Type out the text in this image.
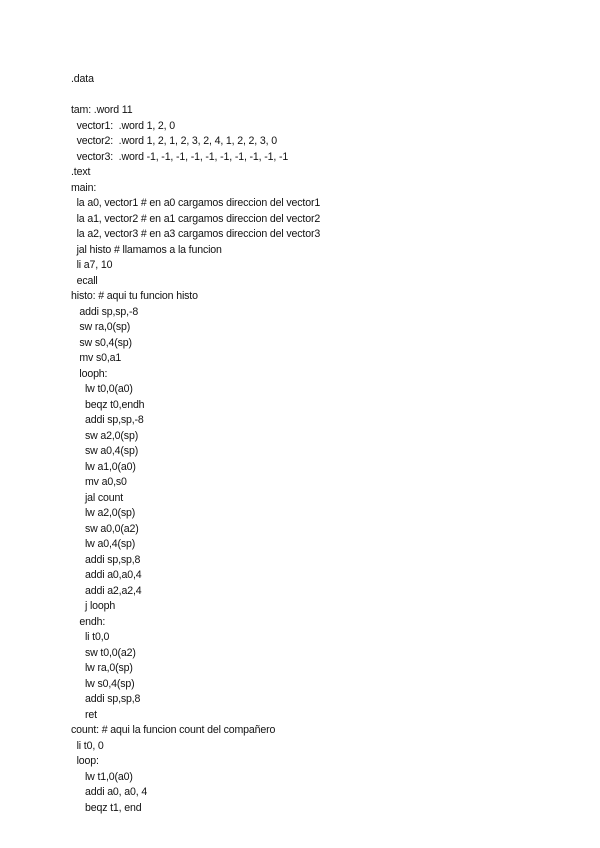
.data
tam: .word 11
vector1:  .word 1, 2, 0
vector2:  .word 1, 2, 1, 2, 3, 2, 4, 1, 2, 2, 3, 0
vector3:  .word -1, -1, -1, -1, -1, -1, -1, -1, -1, -1
.text
main:
la a0, vector1 # en a0 cargamos direccion del vector1
la a1, vector2 # en a1 cargamos direccion del vector2
la a2, vector3 # en a3 cargamos direccion del vector3
jal histo # llamamos a la funcion
li a7, 10
ecall
histo: # aqui tu funcion histo
addi sp,sp,-8
sw ra,0(sp)
sw s0,4(sp)
mv s0,a1
looph:
lw t0,0(a0)
beqz t0,endh
addi sp,sp,-8
sw a2,0(sp)
sw a0,4(sp)
lw a1,0(a0)
mv a0,s0
jal count
lw a2,0(sp)
sw a0,0(a2)
lw a0,4(sp)
addi sp,sp,8
addi a0,a0,4
addi a2,a2,4
j looph
endh:
li t0,0
sw t0,0(a2)
lw ra,0(sp)
lw s0,4(sp)
addi sp,sp,8
ret
count: # aqui la funcion count del compañero
li t0, 0
loop:
lw t1,0(a0)
addi a0, a0, 4
beqz t1, end
